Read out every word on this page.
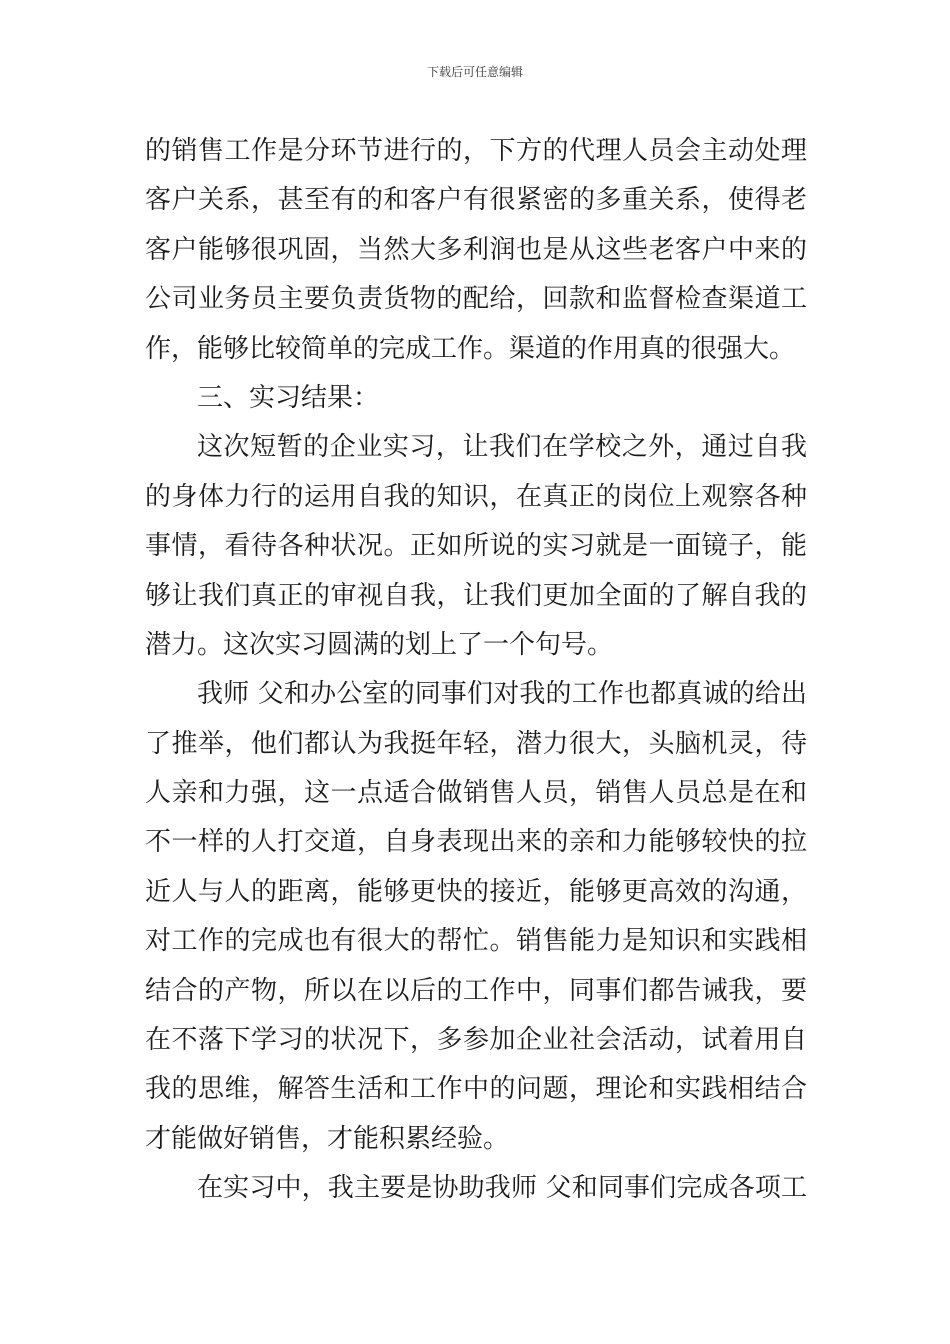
下载后可任意编辑
的销售工作是分环节进行的，下方的代理人员会主动处理
客户关系，甚至有的和客户有很紧密的多重关系，使得老
客户能够很巩固，当然大多利润也是从这些老客户中来的
公司业务员主要负责货物的配给，回款和监督检查渠道工
作，能够比较简单的完成工作。渠道的作用真的很强大。
三、实习结果：
这次短暂的企业实习，让我们在学校之外，通过自我
的身体力行的运用自我的知识，在真正的岗位上观察各种
事情，看待各种状况。正如所说的实习就是一面镜子，能
够让我们真正的审视自我，让我们更加全面的了解自我的
潜力。这次实习圆满的划上了一个句号。
我师 父和办公室的同事们对我的工作也都真诚的给出
了推举，他们都认为我挺年轻，潜力很大，头脑机灵，待
人亲和力强，这一点适合做销售人员，销售人员总是在和
不一样的人打交道，自身表现出来的亲和力能够较快的拉
近人与人的距离，能够更快的接近，能够更高效的沟通，
对工作的完成也有很大的帮忙。销售能力是知识和实践相
结合的产物，所以在以后的工作中，同事们都告诫我，要
在不落下学习的状况下，多参加企业社会活动，试着用自
我的思维，解答生活和工作中的问题，理论和实践相结合
才能做好销售，才能积累经验。
在实习中，我主要是协助我师 父和同事们完成各项工
